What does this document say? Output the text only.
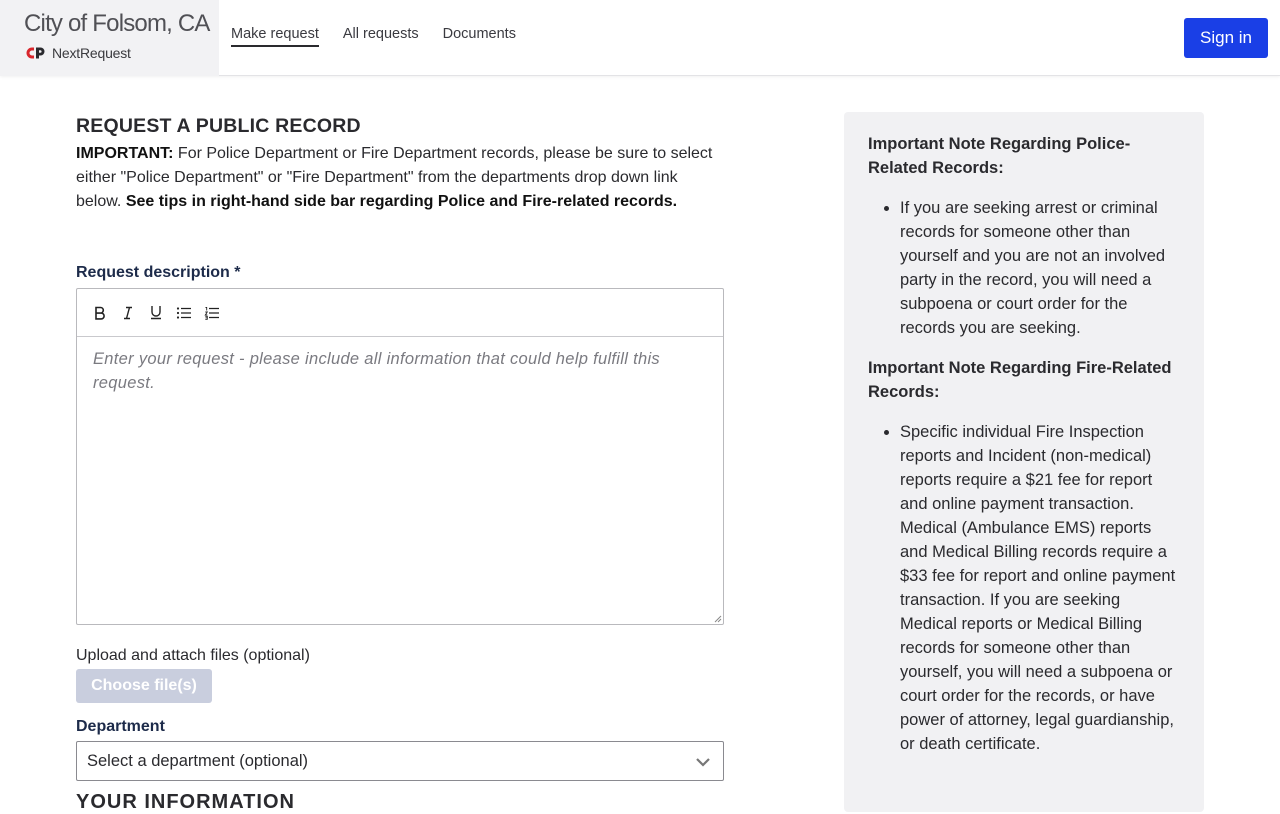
City of Folsom, CA
NextRequest
Make request All requests Documents	Sign in
REQUEST A PUBLIC RECORD

IMPORTANT: For Police Department or Fire Department records, please be sure to select either "Police Department" or "Fire Department" from the departments drop down link below. See tips in right-hand side bar regarding Police and Fire-related records.

Request description *
Enter your request - please include all information that could help fulfill this request.
Upload and attach files (optional)
Choose file(s)
Department
Select a department (optional)
YOUR INFORMATION
Important Note Regarding Police-Related Records:
• If you are seeking arrest or criminal records for someone other than yourself and you are not an involved party in the record, you will need a subpoena or court order for the records you are seeking.
Important Note Regarding Fire-Related Records:
• Specific individual Fire Inspection reports and Incident (non-medical) reports require a $21 fee for report and online payment transaction. Medical (Ambulance EMS) reports and Medical Billing records require a $33 fee for report and online payment transaction. If you are seeking Medical reports or Medical Billing records for someone other than yourself, you will need a subpoena or court order for the records, or have power of attorney, legal guardianship, or death certificate.
